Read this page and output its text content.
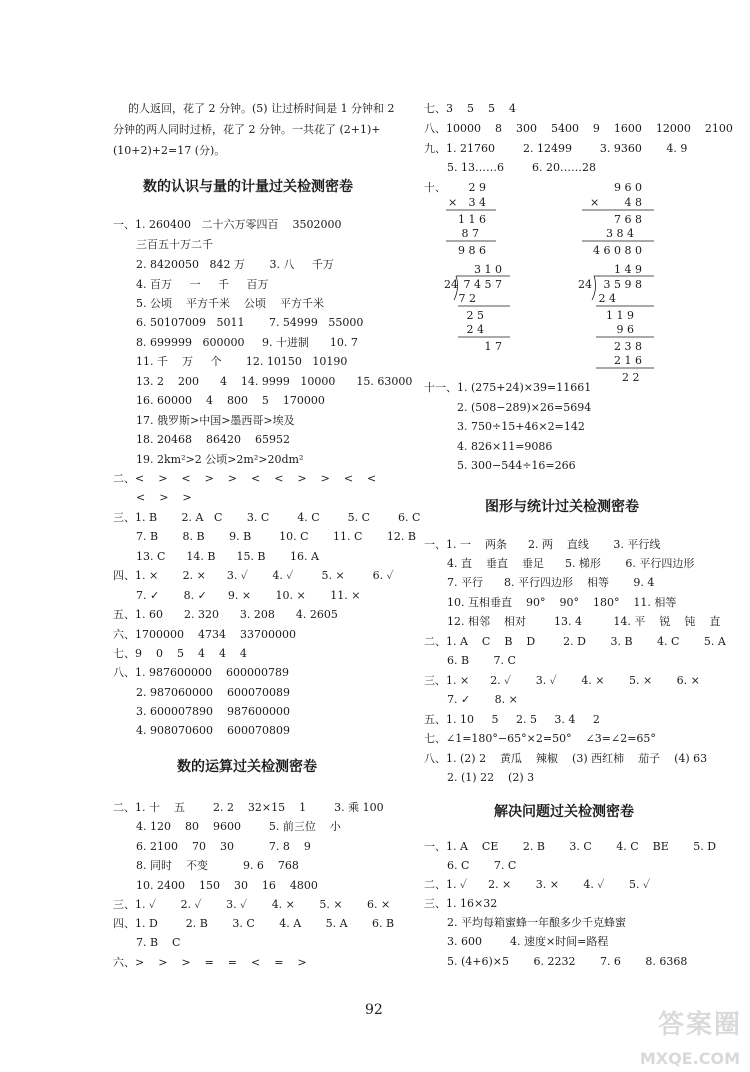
的人返回，花了 2 分钟。(5) 让过桥时间是 1 分钟和 2
分钟的两人同时过桥，花了 2 分钟。一共花了 (2+1)+
(10+2)+2=17 (分)。
数的认识与量的计量过关检测密卷
一、1. 260400   二十六万零四百    3502000
三百五十万二千
2. 8420050   842 万       3. 八     千万
4. 百万     一     千     百万
5. 公顷    平方千米    公顷    平方千米
6. 50107009   5011       7. 54999   55000
8. 699999   600000     9. 十进制      10. 7
11. 千    万     个       12. 10150   10190
13. 2    200      4    14. 9999   10000      15. 63000
16. 60000    4    800    5    170000
17. 俄罗斯>中国>墨西哥>埃及
18. 20468    86420    65952
19. 2km²>2 公顷>2m²>20dm²
二、<    >    <    >    >    <    <    >    >    <    <
<    >    >
三、1. B       2. A   C       3. C        4. C        5. C        6. C
7. B       8. B       9. B        10. C       11. C       12. B
13. C      14. B      15. B       16. A
四、1. ×       2. ×      3. ✓       4. ✓        5. ×        6. ✓
7. ✓       8. ✓      9. ×       10. ×       11. ×
五、1. 60      2. 320      3. 208      4. 2605
六、1700000    4734    33700000
七、9    0    5    4    4    4
八、1. 987600000    600000789
2. 987060000    600070089
3. 600007890    987600000
4. 908070600    600070809
数的运算过关检测密卷
二、1. 十    五        2. 2    32×15    1        3. 乘 100
4. 120    80    9600        5. 前三位    小
6. 2100    70    30          7. 8    9
8. 同时    不变          9. 6    768
10. 2400    150    30    16    4800
三、1. ✓       2. ✓       3. ✓       4. ×       5. ×       6. ×
四、1. D        2. B       3. C       4. A       5. A       6. B
7. B    C
六、>    >    >    =    =    <    =    >
七、3    5    5    4
八、10000    8    300    5400    9    1600    12000    2100
九、1. 21760        2. 12499        3. 9360       4. 9
5. 13……6        6. 20……28
十、 2 9
× 3 4
1 1 6
8 7
9 8 6
9 6 0
× 4 8
7 6 8
3 8 4
4 6 0 8 0
3 1 0
24 7 4 5 7
7 2
2 5
2 4
1 7
1 4 9
24 3 5 9 8
2 4
1 1 9
9 6
2 3 8
2 1 6
2 2
十一、1. (275+24)×39=11661
2. (508−289)×26=5694
3. 750÷15+46×2=142
4. 826×11=9086
5. 300−544÷16=266
图形与统计过关检测密卷
一、1. 一    两条      2. 两    直线       3. 平行线
4. 直    垂直    垂足      5. 梯形       6. 平行四边形
7. 平行      8. 平行四边形    相等       9. 4
10. 互相垂直    90°    90°    180°    11. 相等
12. 相邻    相对        13. 4         14. 平    锐    钝    直
二、1. A    C    B    D        2. D       3. B       4. C       5. A
6. B       7. C
三、1. ×      2. ✓       3. ✓       4. ×       5. ×       6. ×
7. ✓       8. ×
五、1. 10     5     2. 5     3. 4     2
七、∠1=180°−65°×2=50°    ∠3=∠2=65°
八、1. (2) 2    黄瓜    辣椒    (3) 西红柿    茄子    (4) 63
2. (1) 22    (2) 3
解决问题过关检测密卷
一、1. A    CE       2. B       3. C       4. C    BE       5. D
6. C       7. C
二、1. ✓      2. ×       3. ×       4. ✓       5. ✓
三、1. 16×32
2. 平均每箱蜜蜂一年酿多少千克蜂蜜
3. 600        4. 速度×时间=路程
5. (4+6)×5       6. 2232       7. 6       8. 6368
92	答案圈
MXQE.COM
